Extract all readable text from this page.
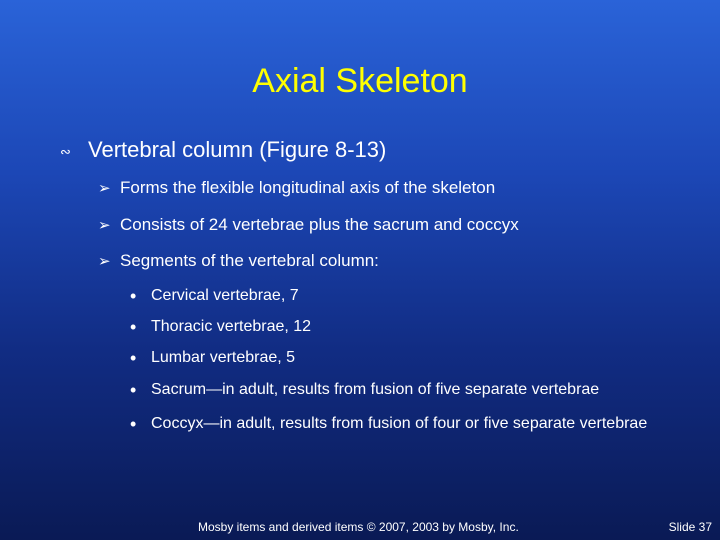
Axial Skeleton
∾ Vertebral column (Figure 8-13)
➢ Forms the flexible longitudinal axis of the skeleton
➢ Consists of 24 vertebrae plus the sacrum and coccyx
➢ Segments of the vertebral column:
• Cervical vertebrae, 7
• Thoracic vertebrae, 12
• Lumbar vertebrae, 5
• Sacrum—in adult, results from fusion of five separate vertebrae
• Coccyx—in adult, results from fusion of four or five separate vertebrae
Mosby items and derived items © 2007, 2003 by Mosby, Inc.	Slide 37
